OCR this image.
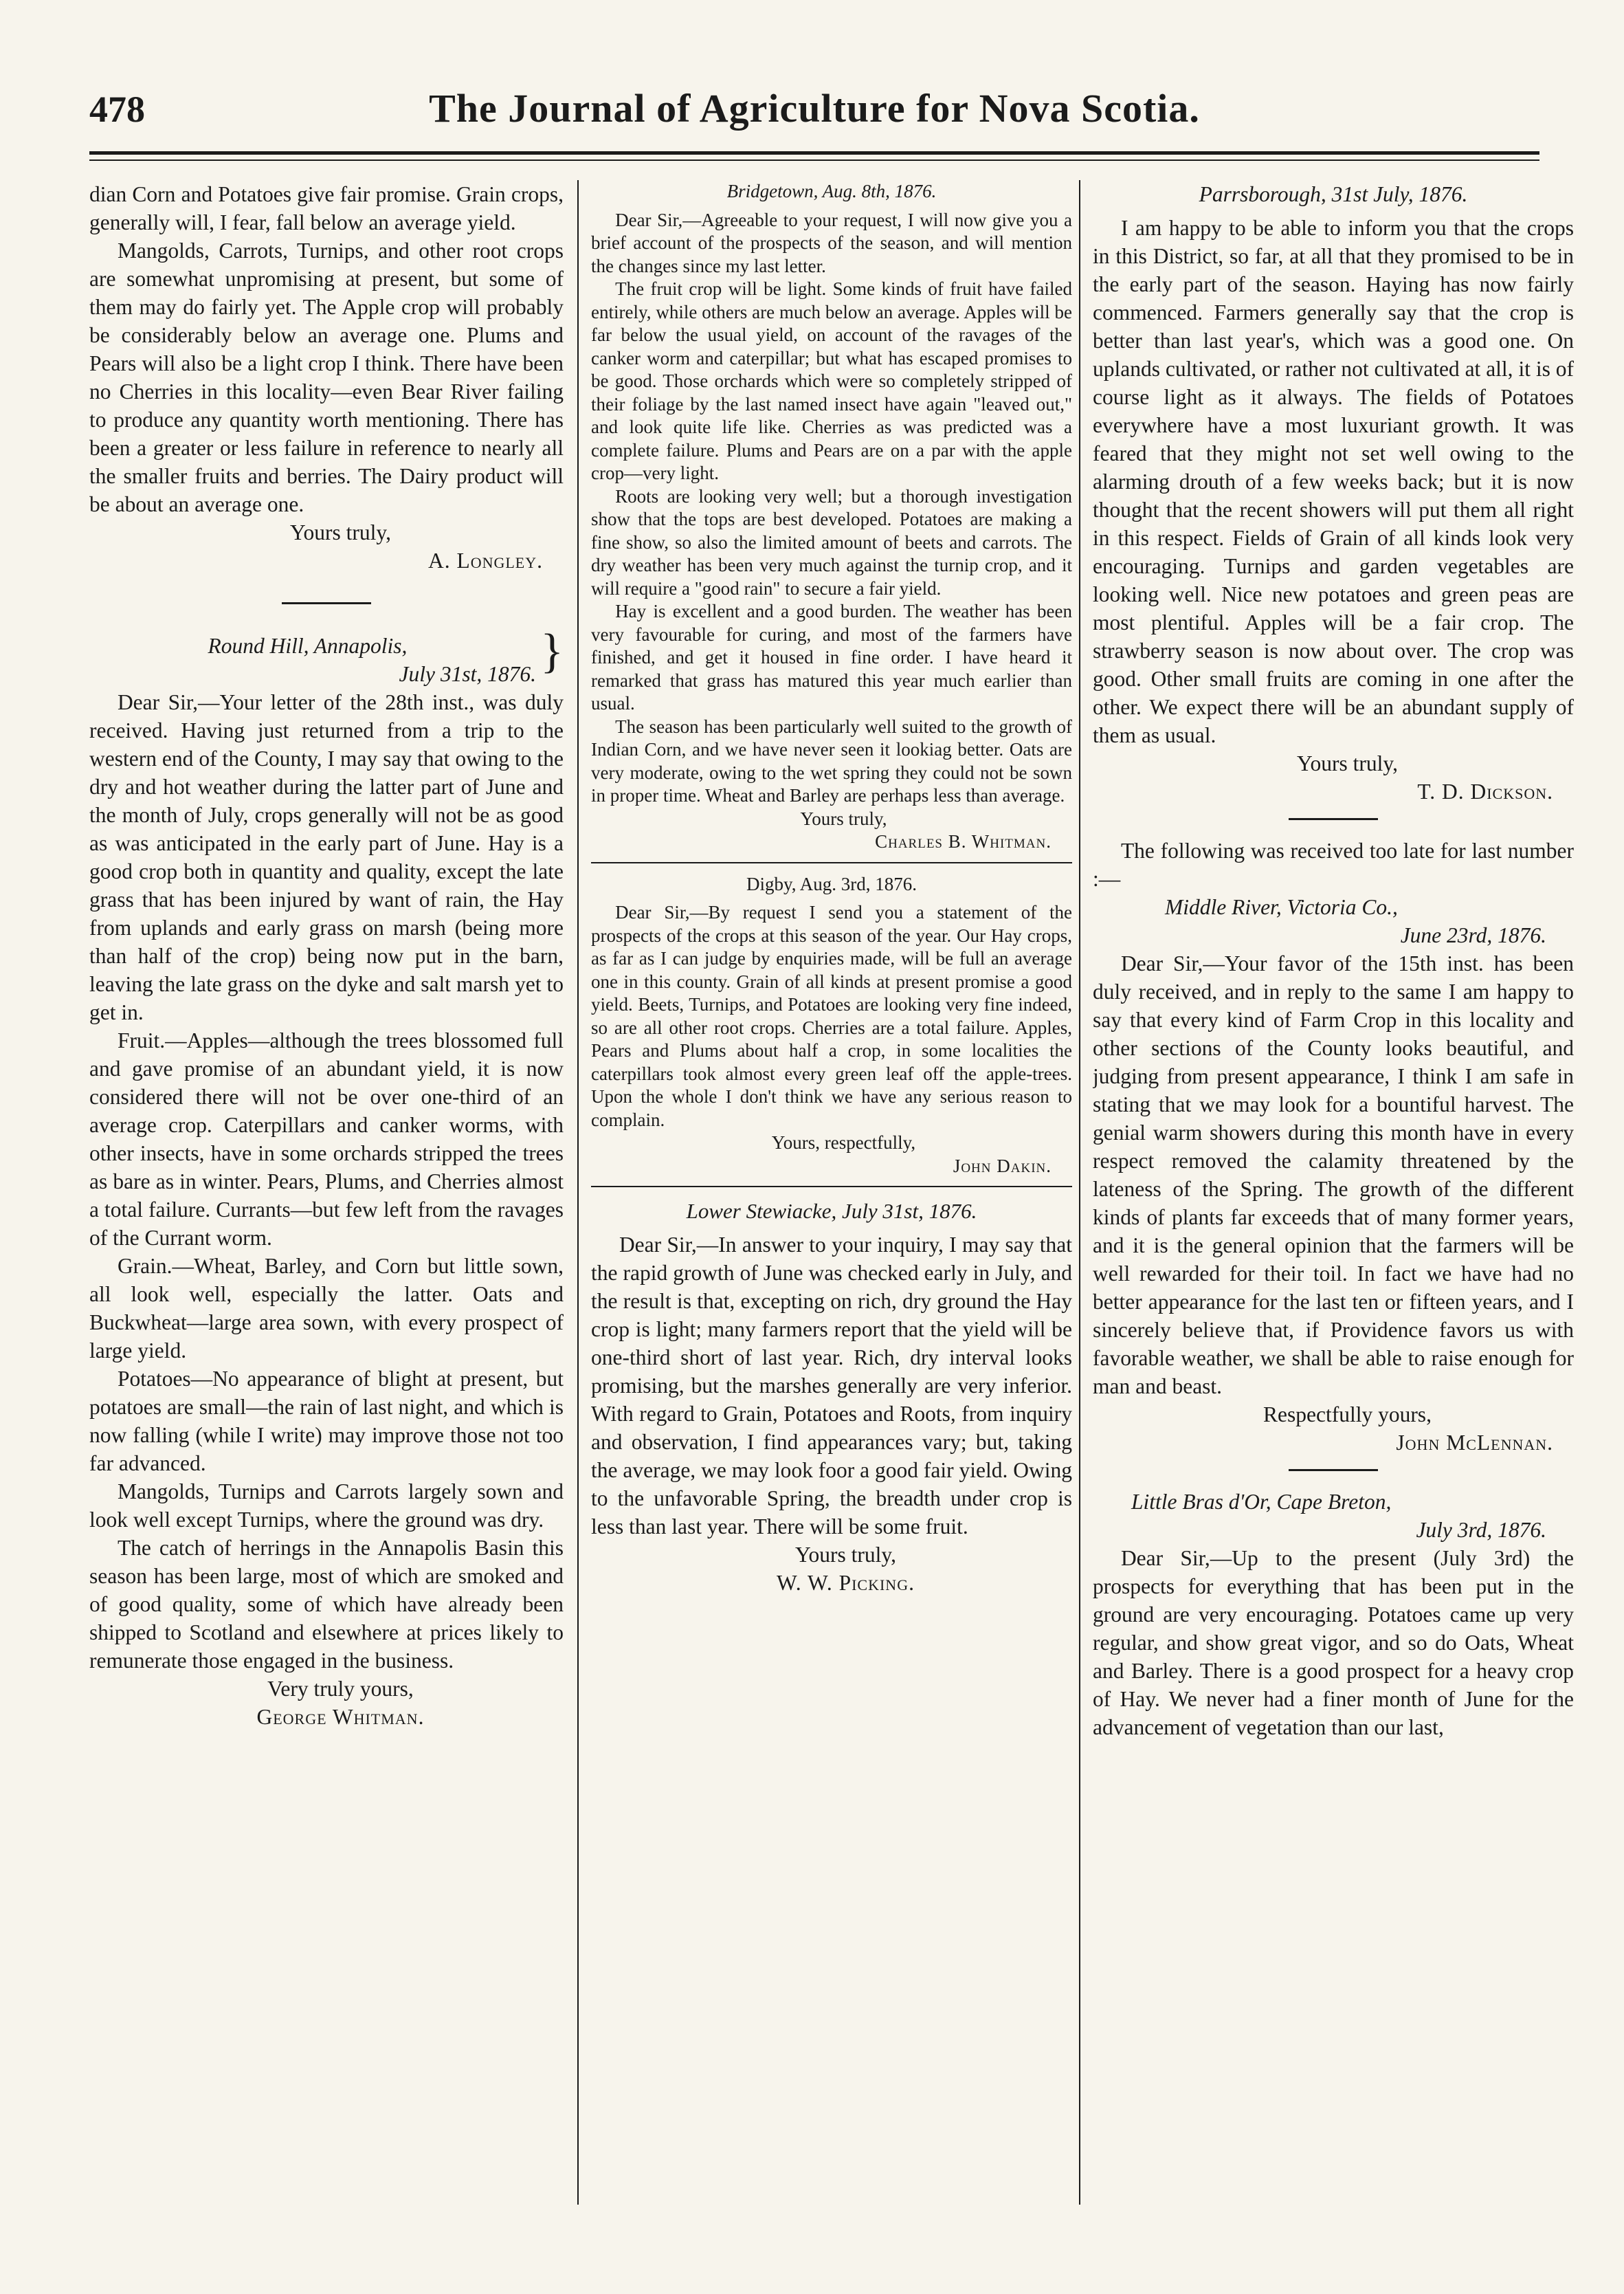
478	The Journal of Agriculture for Nova Scotia.

dian Corn and Potatoes give fair promise. Grain crops, generally will, I fear, fall below an average yield.

Mangolds, Carrots, Turnips, and other root crops are somewhat unpromising at present, but some of them may do fairly yet. The Apple crop will probably be considerably below an average one. Plums and Pears will also be a light crop I think. There have been no Cherries in this locality—even Bear River failing to produce any quantity worth mentioning. There has been a greater or less failure in reference to nearly all the smaller fruits and berries. The Dairy product will be about an average one.

Yours truly,

A. Longley.

Round Hill, Annapolis,
July 31st, 1876. }

Dear Sir,—Your letter of the 28th inst., was duly received. Having just returned from a trip to the western end of the County, I may say that owing to the dry and hot weather during the latter part of June and the month of July, crops generally will not be as good as was anticipated in the early part of June. Hay is a good crop both in quantity and quality, except the late grass that has been injured by want of rain, the Hay from uplands and early grass on marsh (being more than half of the crop) being now put in the barn, leaving the late grass on the dyke and salt marsh yet to get in.

Fruit.—Apples—although the trees blossomed full and gave promise of an abundant yield, it is now considered there will not be over one-third of an average crop. Caterpillars and canker worms, with other insects, have in some orchards stripped the trees as bare as in winter. Pears, Plums, and Cherries almost a total failure. Currants—but few left from the ravages of the Currant worm.

Grain.—Wheat, Barley, and Corn but little sown, all look well, especially the latter. Oats and Buckwheat—large area sown, with every prospect of large yield.

Potatoes—No appearance of blight at present, but potatoes are small—the rain of last night, and which is now falling (while I write) may improve those not too far advanced.

Mangolds, Turnips and Carrots largely sown and look well except Turnips, where the ground was dry.

The catch of herrings in the Annapolis Basin this season has been large, most of which are smoked and of good quality, some of which have already been shipped to Scotland and elsewhere at prices likely to remunerate those engaged in the business.

Very truly yours,

George Whitman.

Bridgetown, Aug. 8th, 1876.

Dear Sir,—Agreeable to your request, I will now give you a brief account of the prospects of the season, and will mention the changes since my last letter.

The fruit crop will be light. Some kinds of fruit have failed entirely, while others are much below an average. Apples will be far below the usual yield, on account of the ravages of the canker worm and caterpillar; but what has escaped promises to be good. Those orchards which were so completely stripped of their foliage by the last named insect have again "leaved out," and look quite life like. Cherries as was predicted was a complete failure. Plums and Pears are on a par with the apple crop—very light.

Roots are looking very well; but a thorough investigation show that the tops are best developed. Potatoes are making a fine show, so also the limited amount of beets and carrots. The dry weather has been very much against the turnip crop, and it will require a "good rain" to secure a fair yield.

Hay is excellent and a good burden. The weather has been very favourable for curing, and most of the farmers have finished, and get it housed in fine order. I have heard it remarked that grass has matured this year much earlier than usual.

The season has been particularly well suited to the growth of Indian Corn, and we have never seen it lookiag better. Oats are very moderate, owing to the wet spring they could not be sown in proper time. Wheat and Barley are perhaps less than average.

Yours truly,

Charles B. Whitman.

Digby, Aug. 3rd, 1876.

Dear Sir,—By request I send you a statement of the prospects of the crops at this season of the year. Our Hay crops, as far as I can judge by enquiries made, will be full an average one in this county. Grain of all kinds at present promise a good yield. Beets, Turnips, and Potatoes are looking very fine indeed, so are all other root crops. Cherries are a total failure. Apples, Pears and Plums about half a crop, in some localities the caterpillars took almost every green leaf off the apple-trees. Upon the whole I don't think we have any serious reason to complain.

Yours, respectfully,

John Dakin.

Lower Stewiacke, July 31st, 1876.

Dear Sir,—In answer to your inquiry, I may say that the rapid growth of June was checked early in July, and the result is that, excepting on rich, dry ground the Hay crop is light; many farmers report that the yield will be one-third short of last year. Rich, dry interval looks promising, but the marshes generally are very inferior. With regard to Grain, Potatoes and Roots, from inquiry and observation, I find appearances vary; but, taking the average, we may look foor a good fair yield. Owing to the unfavorable Spring, the breadth under crop is less than last year. There will be some fruit.

Yours truly,

W. W. Picking.

Parrsborough, 31st July, 1876.

I am happy to be able to inform you that the crops in this District, so far, at all that they promised to be in the early part of the season. Haying has now fairly commenced. Farmers generally say that the crop is better than last year's, which was a good one. On uplands cultivated, or rather not cultivated at all, it is of course light as it always. The fields of Potatoes everywhere have a most luxuriant growth. It was feared that they might not set well owing to the alarming drouth of a few weeks back; but it is now thought that the recent showers will put them all right in this respect. Fields of Grain of all kinds look very encouraging. Turnips and garden vegetables are looking well. Nice new potatoes and green peas are most plentiful. Apples will be a fair crop. The strawberry season is now about over. The crop was good. Other small fruits are coming in one after the other. We expect there will be an abundant supply of them as usual.

Yours truly,

T. D. Dickson.

The following was received too late for last number :—

Middle River, Victoria Co.,
June 23rd, 1876.

Dear Sir,—Your favor of the 15th inst. has been duly received, and in reply to the same I am happy to say that every kind of Farm Crop in this locality and other sections of the County looks beautiful, and judging from present appearance, I think I am safe in stating that we may look for a bountiful harvest. The genial warm showers during this month have in every respect removed the calamity threatened by the lateness of the Spring. The growth of the different kinds of plants far exceeds that of many former years, and it is the general opinion that the farmers will be well rewarded for their toil. In fact we have had no better appearance for the last ten or fifteen years, and I sincerely believe that, if Providence favors us with favorable weather, we shall be able to raise enough for man and beast.

Respectfully yours,

John McLennan.

Little Bras d'Or, Cape Breton,
July 3rd, 1876.

Dear Sir,—Up to the present (July 3rd) the prospects for everything that has been put in the ground are very encouraging. Potatoes came up very regular, and show great vigor, and so do Oats, Wheat and Barley. There is a good prospect for a heavy crop of Hay. We never had a finer month of June for the advancement of vegetation than our last,
